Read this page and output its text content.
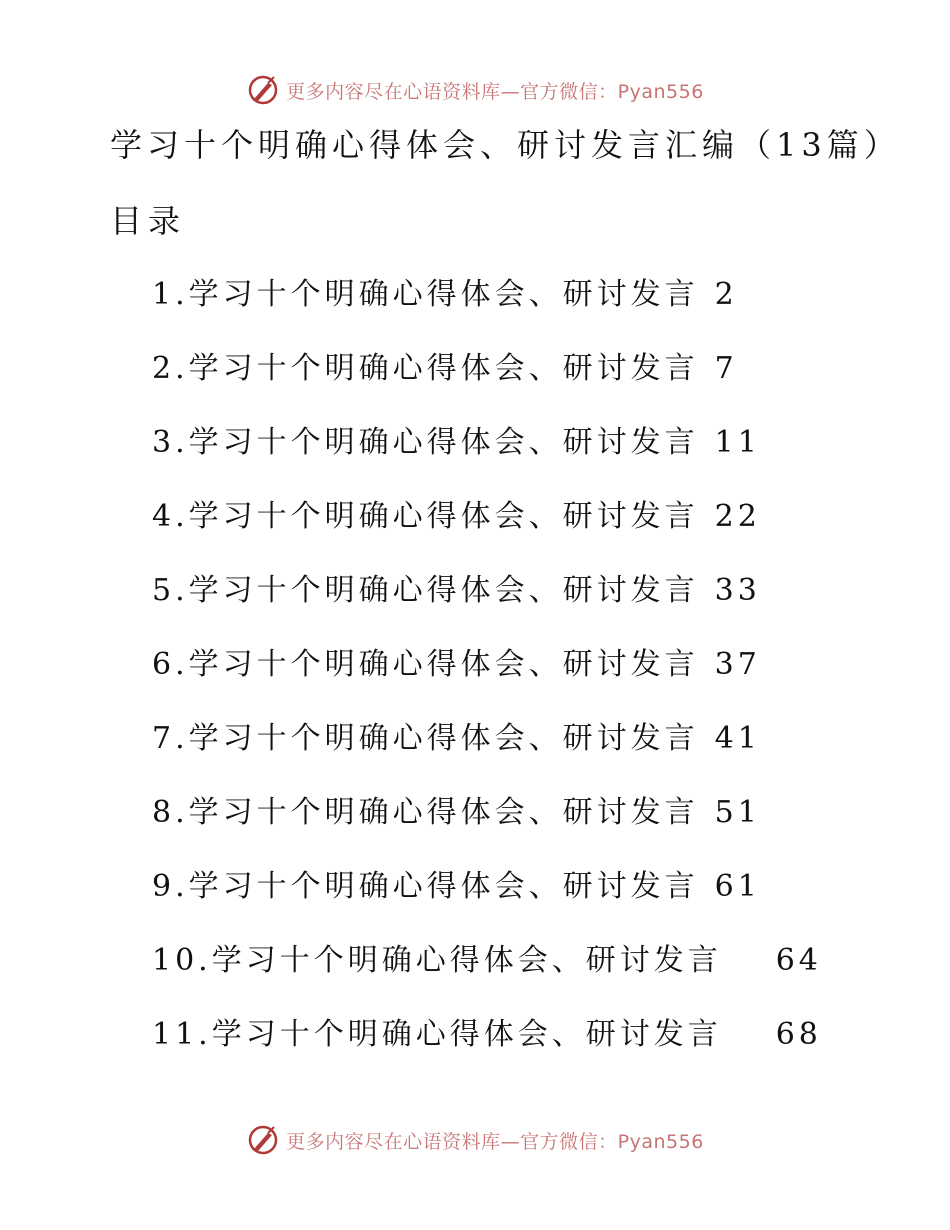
更多内容尽在心语资料库—官方微信：Pyan556
学习十个明确心得体会、研讨发言汇编（13篇）
目录
1. 学习十个明确心得体会、研讨发言 2
2. 学习十个明确心得体会、研讨发言 7
3. 学习十个明确心得体会、研讨发言 11
4. 学习十个明确心得体会、研讨发言 22
5. 学习十个明确心得体会、研讨发言 33
6. 学习十个明确心得体会、研讨发言 37
7. 学习十个明确心得体会、研讨发言 41
8. 学习十个明确心得体会、研讨发言 51
9. 学习十个明确心得体会、研讨发言 61
10. 学习十个明确心得体会、研讨发言 64
11. 学习十个明确心得体会、研讨发言 68
更多内容尽在心语资料库—官方微信：Pyan556
